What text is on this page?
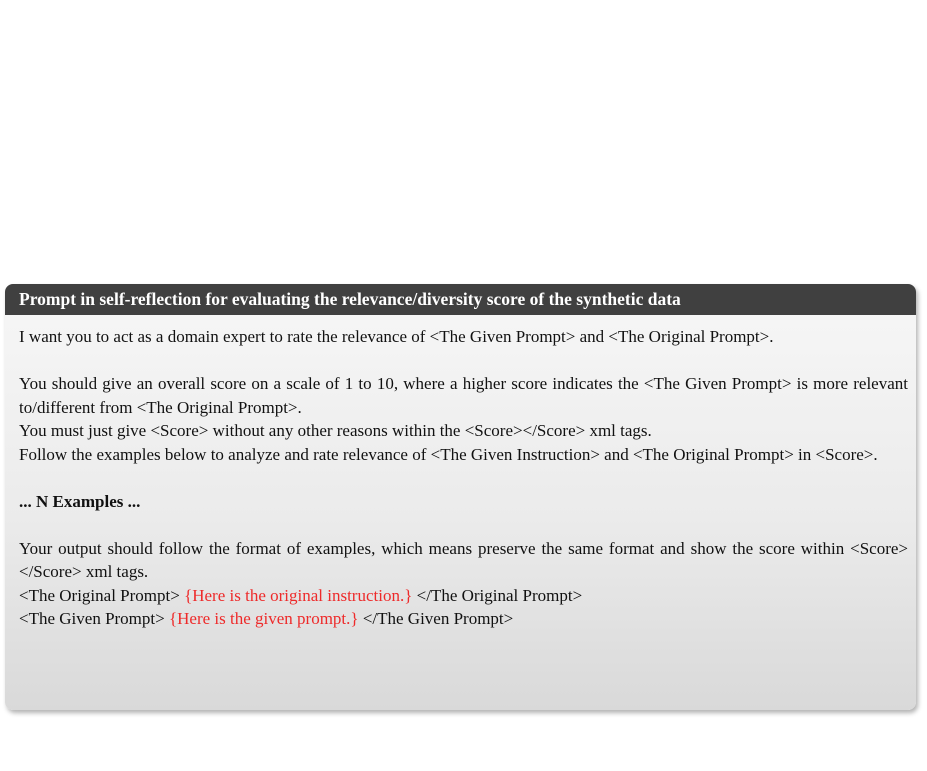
Prompt in self-reflection for evaluating the relevance/diversity score of the synthetic data

I want you to act as a domain expert to rate the relevance of <The Given Prompt> and <The Original Prompt>.

You should give an overall score on a scale of 1 to 10, where a higher score indicates the <The Given Prompt> is more relevant to/different from <The Original Prompt>.

You must just give <Score> without any other reasons within the <Score></Score> xml tags.

Follow the examples below to analyze and rate relevance of <The Given Instruction> and <The Original Prompt> in <Score>.

... N Examples ...

Your output should follow the format of examples, which means preserve the same format and show the score within <Score></Score> xml tags.

<The Original Prompt> {Here is the original instruction.} </The Original Prompt>

<The Given Prompt> {Here is the given prompt.} </The Given Prompt>
